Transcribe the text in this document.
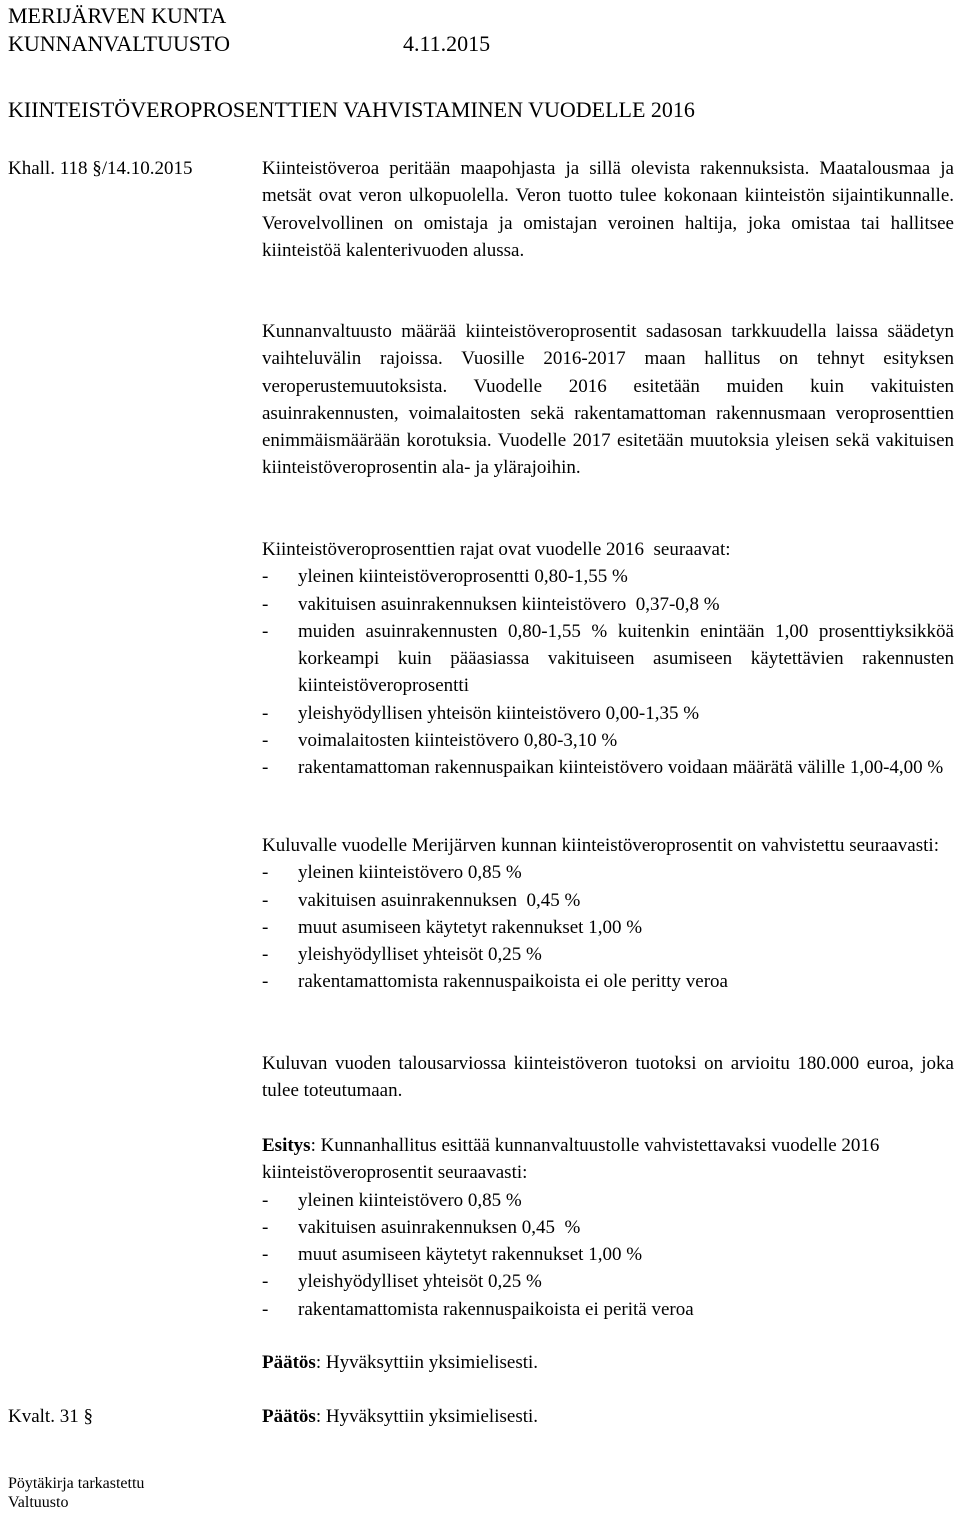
MERIJÄRVEN KUNTA
KUNNANVALTUUSTO	4.11.2015
KIINTEISTÖVEROPROSENTTIEN VAHVISTAMINEN VUODELLE 2016
Khall. 118 §/14.10.2015
Kvalt. 31 §

Kiinteistöveroa peritään maapohjasta ja sillä olevista rakennuksista. Maatalousmaa ja metsät ovat veron ulkopuolella. Veron tuotto tulee kokonaan kiinteistön sijaintikunnalle. Verovelvollinen on omistaja ja omistajan veroinen haltija, joka omistaa tai hallitsee kiinteistöä kalenterivuoden alussa.

Kunnanvaltuusto määrää kiinteistöveroprosentit sadasosan tarkkuudella laissa säädetyn vaihteluvälin rajoissa. Vuosille 2016-2017 maan hallitus on tehnyt esityksen veroperustemuutoksista. Vuodelle 2016 esitetään muiden kuin vakituisten asuinrakennusten, voimalaitosten sekä rakentamattoman rakennusmaan veroprosenttien enimmäismäärään korotuksia. Vuodelle 2017 esitetään muutoksia yleisen sekä vakituisen kiinteistöveroprosentin ala- ja ylärajoihin.

Kiinteistöveroprosenttien rajat ovat vuodelle 2016  seuraavat:
-	yleinen kiinteistöveroprosentti 0,80-1,55 %
-	vakituisen asuinrakennuksen kiinteistövero  0,37-0,8 %
-	muiden asuinrakennusten 0,80-1,55 % kuitenkin enintään 1,00 prosenttiyksikköä korkeampi kuin pääasiassa vakituiseen asumiseen käytettävien rakennusten kiinteistöveroprosentti
-	yleishyödyllisen yhteisön kiinteistövero 0,00-1,35 %
-	voimalaitosten kiinteistövero 0,80-3,10 %
-	rakentamattoman rakennuspaikan kiinteistövero voidaan määrätä välille 1,00-4,00 %

Kuluvalle vuodelle Merijärven kunnan kiinteistöveroprosentit on vahvistettu seuraavasti:

-	yleinen kiinteistövero 0,85 %
-	vakituisen asuinrakennuksen  0,45 %
-	muut asumiseen käytetyt rakennukset 1,00 %
-	yleishyödylliset yhteisöt 0,25 %
-	rakentamattomista rakennuspaikoista ei ole peritty veroa

Kuluvan vuoden talousarviossa kiinteistöveron tuotoksi on arvioitu 180.000 euroa, joka tulee toteutumaan.

Esitys: Kunnanhallitus esittää kunnanvaltuustolle vahvistettavaksi vuodelle 2016 kiinteistöveroprosentit seuraavasti:
-	yleinen kiinteistövero 0,85 %
-	vakituisen asuinrakennuksen 0,45  %
-	muut asumiseen käytetyt rakennukset 1,00 %
-	yleishyödylliset yhteisöt 0,25 %
-	rakentamattomista rakennuspaikoista ei peritä veroa
Päätös: Hyväksyttiin yksimielisesti.
Päätös: Hyväksyttiin yksimielisesti.
Pöytäkirja tarkastettu
Valtuusto
